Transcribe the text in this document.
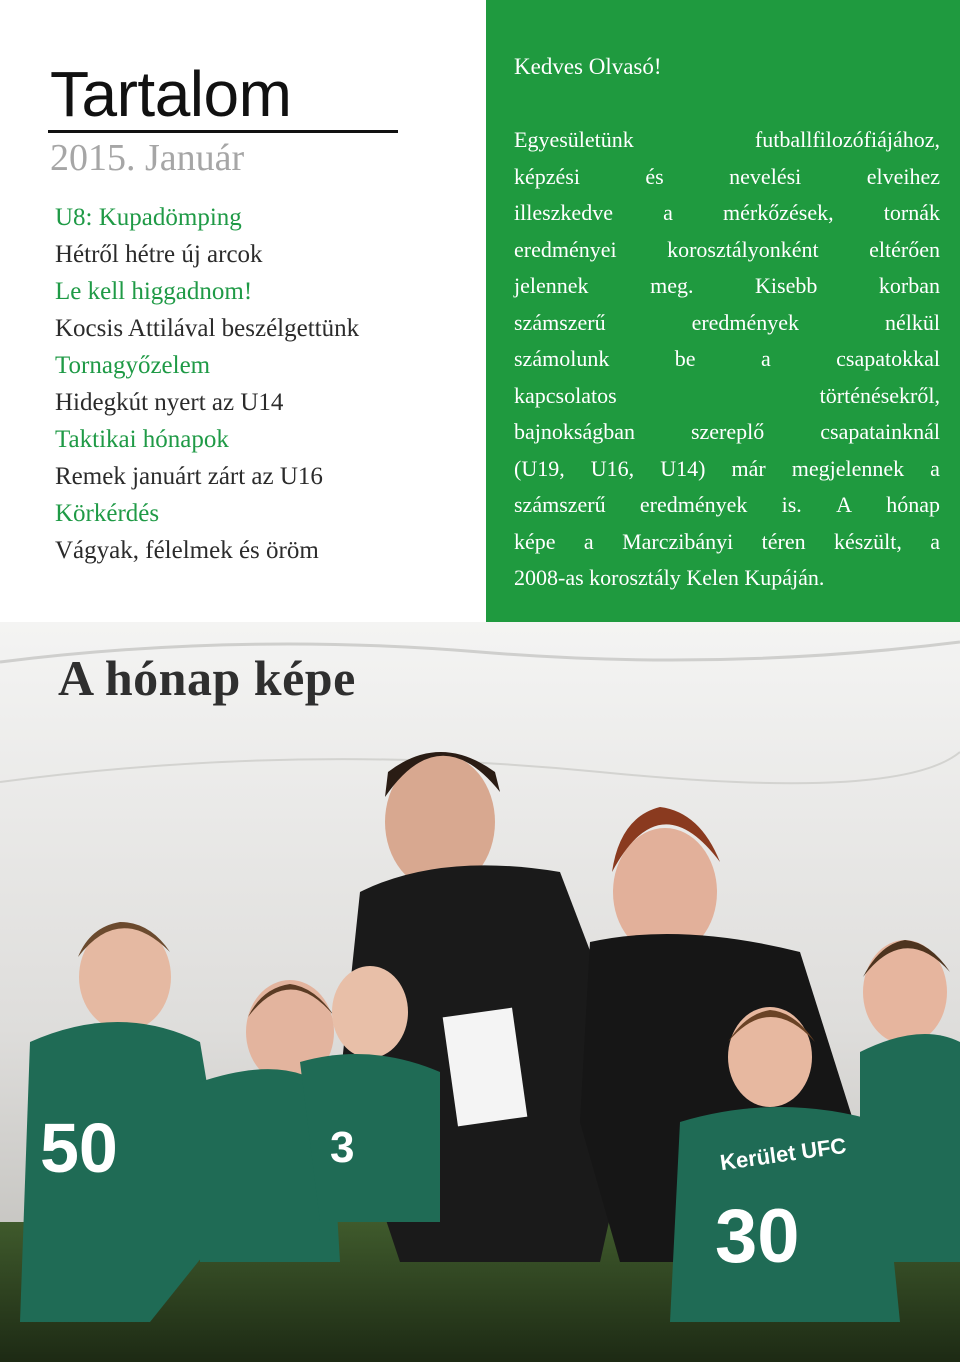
Tartalom
2015. Január
U8: Kupadömping
Hétről hétre új arcok
Le kell higgadnom!
Kocsis Attilával beszélgettünk
Tornagyőzelem
Hidegkút nyert az U14
Taktikai hónapok
Remek januárt zárt az U16
Körkérdés
Vágyak, félelmek és öröm
Kedves Olvasó!
Egyesületünk	futballfilozófiájához,
képzési	és	nevelési	elveihez
illeszkedve a mérkőzések, tornák
eredményei korosztályonként eltérően
jelennek	meg.	Kisebb	korban
számszerű	eredmények	nélkül
számolunk	be	a	csapatokkal
kapcsolatos	történésekről,
bajnokságban	szereplő	csapatainknál
(U19, U16, U14) már megjelennek a
számszerű eredmények is. A hónap
képe a Marczibányi téren készült, a
2008-as korosztály Kelen Kupáján.
50	3
30
Kerület UFC
A hónap képe
